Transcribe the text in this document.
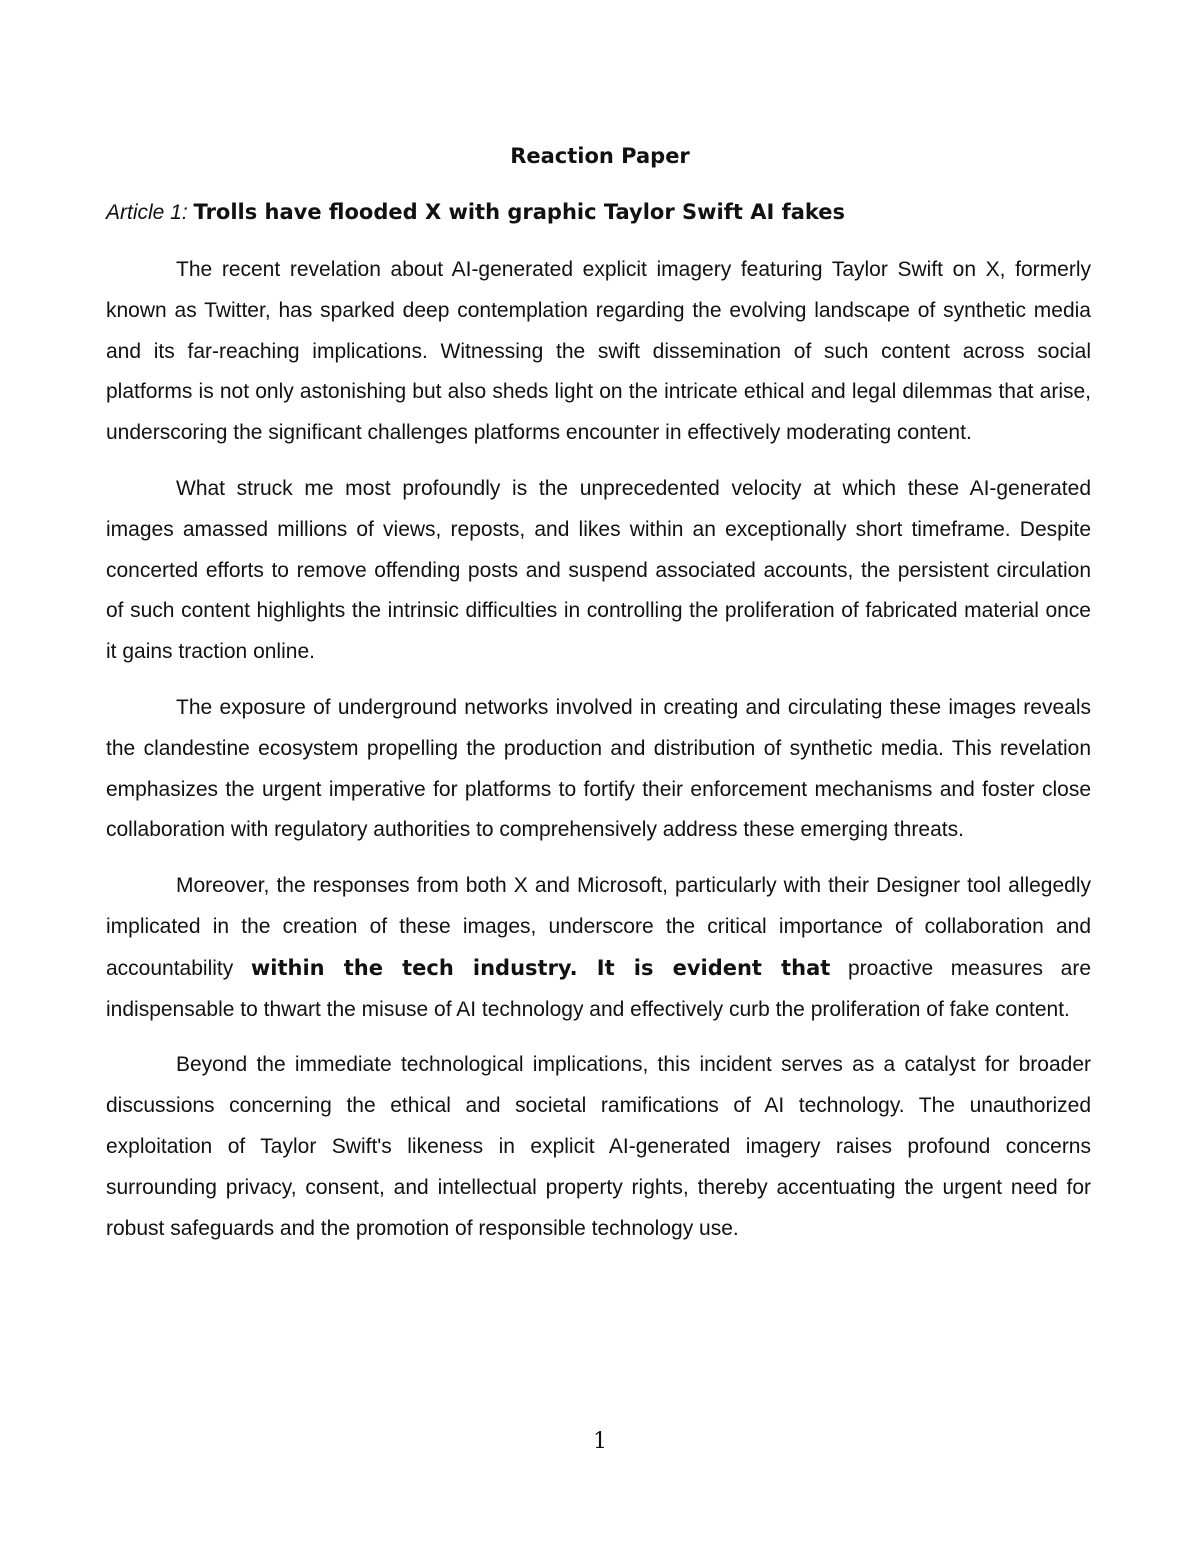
Reaction Paper
Article 1: Trolls have flooded X with graphic Taylor Swift AI fakes

The recent revelation about AI-generated explicit imagery featuring Taylor Swift on X, formerly known as Twitter, has sparked deep contemplation regarding the evolving landscape of synthetic media and its far-reaching implications. Witnessing the swift dissemination of such content across social platforms is not only astonishing but also sheds light on the intricate ethical and legal dilemmas that arise, underscoring the significant challenges platforms encounter in effectively moderating content.

What struck me most profoundly is the unprecedented velocity at which these AI-generated images amassed millions of views, reposts, and likes within an exceptionally short timeframe. Despite concerted efforts to remove offending posts and suspend associated accounts, the persistent circulation of such content highlights the intrinsic difficulties in controlling the proliferation of fabricated material once it gains traction online.

The exposure of underground networks involved in creating and circulating these images reveals the clandestine ecosystem propelling the production and distribution of synthetic media. This revelation emphasizes the urgent imperative for platforms to fortify their enforcement mechanisms and foster close collaboration with regulatory authorities to comprehensively address these emerging threats.

Moreover, the responses from both X and Microsoft, particularly with their Designer tool allegedly implicated in the creation of these images, underscore the critical importance of collaboration and accountability within the tech industry. It is evident that proactive measures are indispensable to thwart the misuse of AI technology and effectively curb the proliferation of fake content.

Beyond the immediate technological implications, this incident serves as a catalyst for broader discussions concerning the ethical and societal ramifications of AI technology. The unauthorized exploitation of Taylor Swift's likeness in explicit AI-generated imagery raises profound concerns surrounding privacy, consent, and intellectual property rights, thereby accentuating the urgent need for robust safeguards and the promotion of responsible technology use.

1
